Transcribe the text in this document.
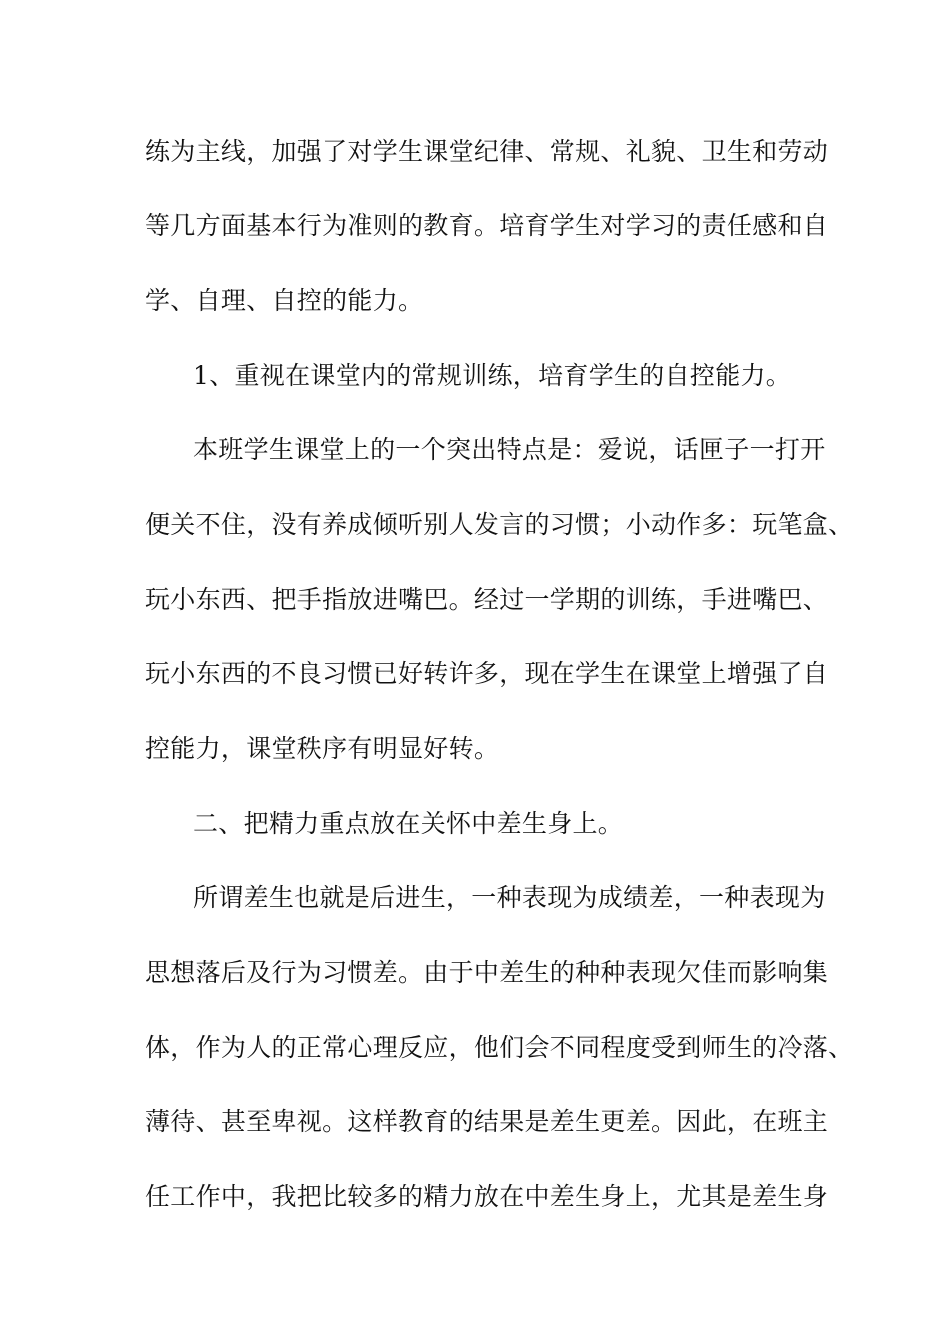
练为主线，加强了对学生课堂纪律、常规、礼貌、卫生和劳动
等几方面基本行为准则的教育。培育学生对学习的责任感和自
学、自理、自控的能力。
1、重视在课堂内的常规训练，培育学生的自控能力。
本班学生课堂上的一个突出特点是：爱说，话匣子一打开
便关不住，没有养成倾听别人发言的习惯；小动作多：玩笔盒、
玩小东西、把手指放进嘴巴。经过一学期的训练，手进嘴巴、
玩小东西的不良习惯已好转许多，现在学生在课堂上增强了自
控能力，课堂秩序有明显好转。
二、把精力重点放在关怀中差生身上。
所谓差生也就是后进生，一种表现为成绩差，一种表现为
思想落后及行为习惯差。由于中差生的种种表现欠佳而影响集
体，作为人的正常心理反应，他们会不同程度受到师生的冷落、
薄待、甚至卑视。这样教育的结果是差生更差。因此，在班主
任工作中，我把比较多的精力放在中差生身上，尤其是差生身
